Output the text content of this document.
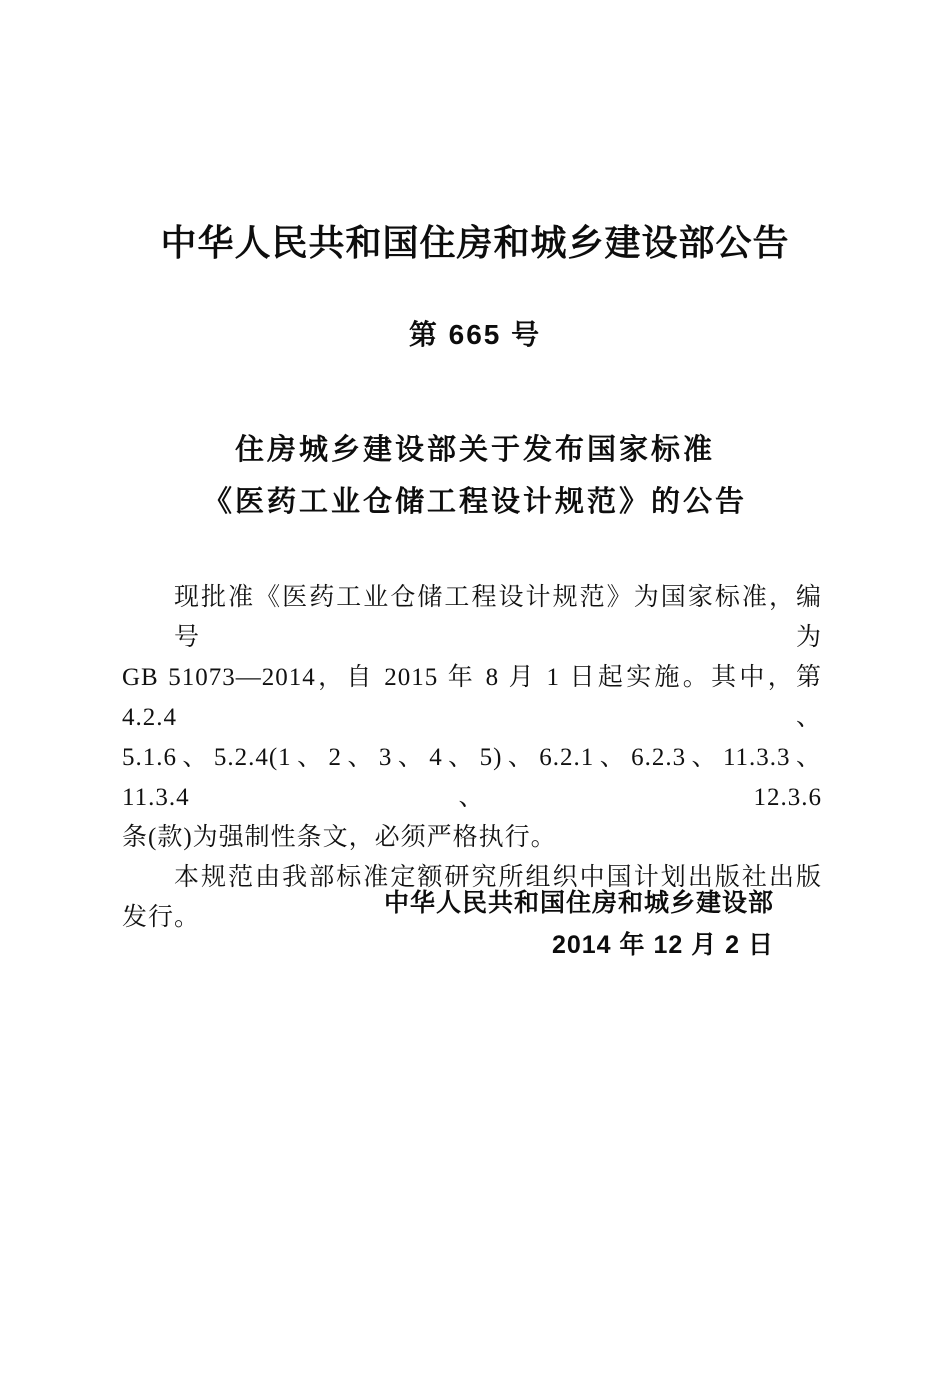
中华人民共和国住房和城乡建设部公告
第 665 号
住房城乡建设部关于发布国家标准
《医药工业仓储工程设计规范》的公告
现批准《医药工业仓储工程设计规范》为国家标准，编号为
GB 51073—2014，自 2015 年 8 月 1 日起实施。其中，第 4.2.4、
5.1.6、5.2.4(1、2、3、4、5)、6.2.1、6.2.3、11.3.3、11.3.4、12.3.6
条(款)为强制性条文，必须严格执行。
本规范由我部标准定额研究所组织中国计划出版社出版
发行。
中华人民共和国住房和城乡建设部
2014 年 12 月 2 日
